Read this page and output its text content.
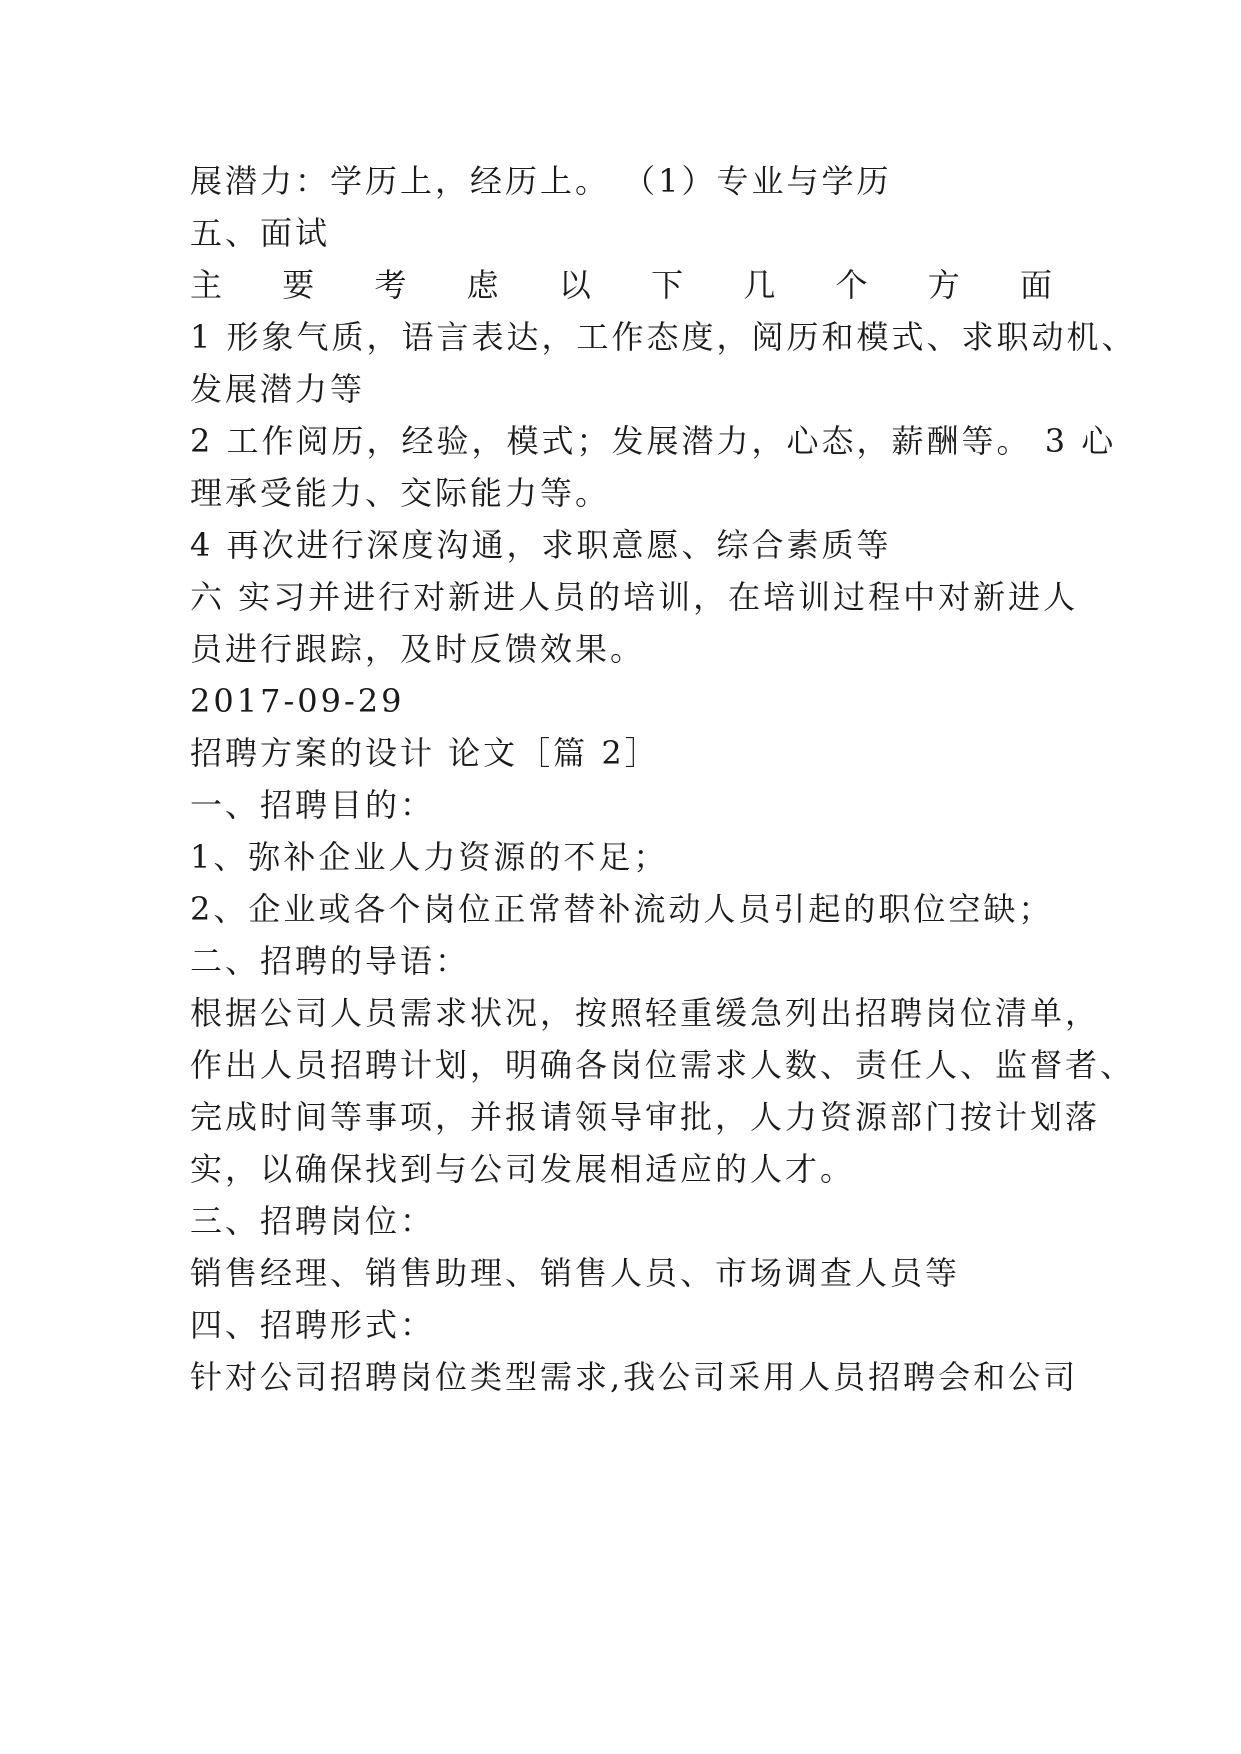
展潜力：学历上，经历上。 （1）专业与学历
五、面试
主 要 考 虑 以 下 几 个 方 面
1 形象气质，语言表达，工作态度，阅历和模式、求职动机、
发展潜力等
2 工作阅历，经验，模式；发展潜力，心态，薪酬等。 3 心
理承受能力、交际能力等。
4 再次进行深度沟通，求职意愿、综合素质等
六 实习并进行对新进人员的培训，在培训过程中对新进人
员进行跟踪，及时反馈效果。
2017-09-29
招聘方案的设计 论文［篇 2］
一、招聘目的：
1、弥补企业人力资源的不足；
2、企业或各个岗位正常替补流动人员引起的职位空缺；
二、招聘的导语：
根据公司人员需求状况，按照轻重缓急列出招聘岗位清单，
作出人员招聘计划，明确各岗位需求人数、责任人、监督者、
完成时间等事项，并报请领导审批，人力资源部门按计划落
实，以确保找到与公司发展相适应的人才。
三、招聘岗位：
销售经理、销售助理、销售人员、市场调查人员等
四、招聘形式：
针对公司招聘岗位类型需求,我公司采用人员招聘会和公司
